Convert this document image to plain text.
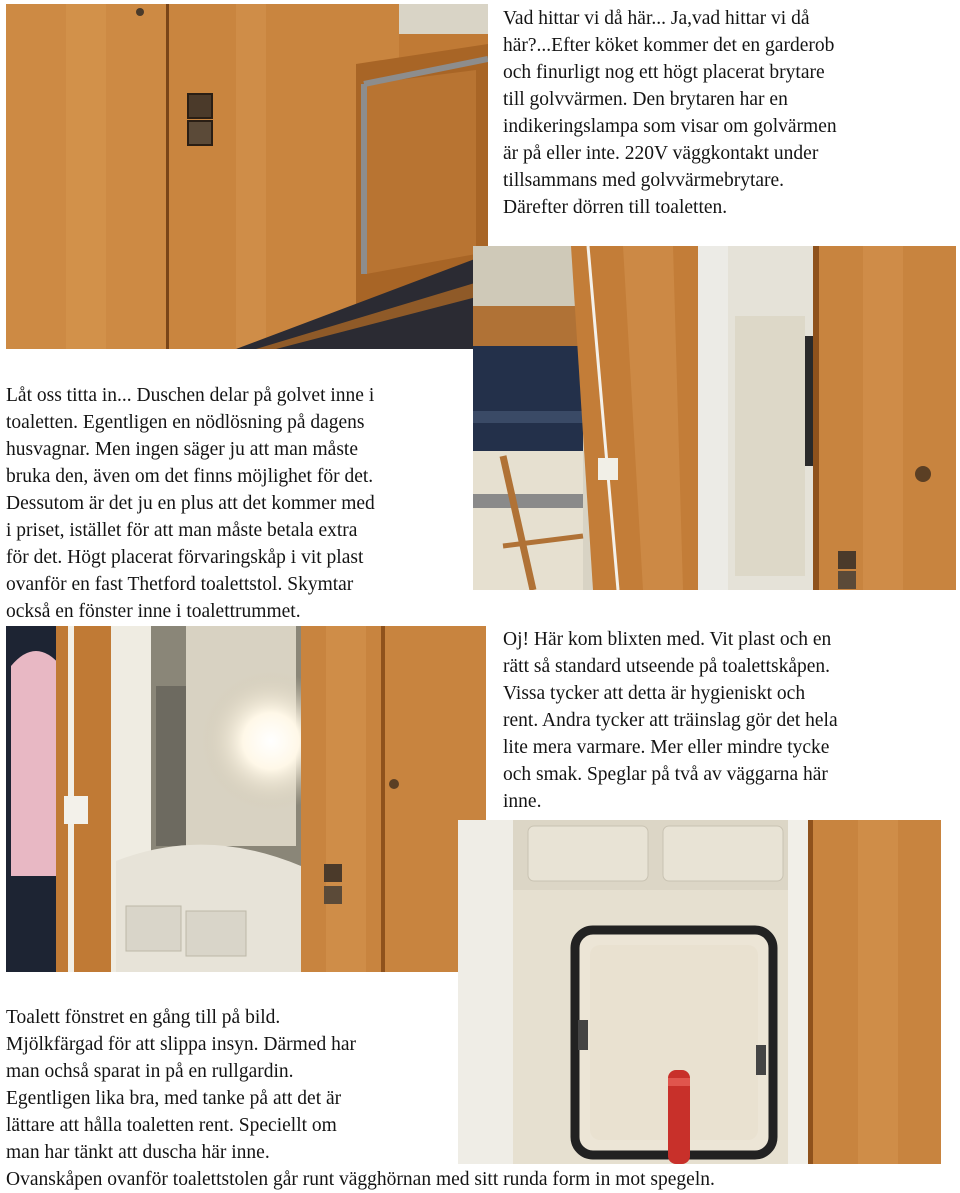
Vad hittar vi då här... Ja,vad hittar vi då
här?...Efter köket kommer det en garderob
och finurligt nog ett högt placerat brytare
till golvvärmen. Den brytaren har en
indikeringslampa som visar om golvärmen
är på eller inte. 220V väggkontakt under
tillsammans med golvvärmebrytare.
Därefter dörren till toaletten.
Låt oss titta in... Duschen delar på golvet inne i
toaletten. Egentligen en nödlösning på dagens
husvagnar. Men ingen säger ju att man måste
bruka den, även om det finns möjlighet för det.
Dessutom är det ju en plus att det kommer med
i priset, istället för att man måste betala extra
för det. Högt placerat förvaringskåp i vit plast
ovanför en fast Thetford toalettstol. Skymtar
också en fönster inne i toalettrummet.
Oj! Här kom blixten med. Vit plast och en
rätt så standard utseende på toalettskåpen.
Vissa tycker att detta är hygieniskt och
rent. Andra tycker att träinslag gör det hela
lite mera varmare. Mer eller mindre tycke
och smak. Speglar på två av väggarna här
inne.
Toalett fönstret en gång till på bild.
Mjölkfärgad för att slippa insyn. Därmed har
man ochså sparat in på en rullgardin.
Egentligen lika bra, med tanke på att det är
lättare att hålla toaletten rent. Speciellt om
man har tänkt att duscha här inne.
Ovanskåpen ovanför toalettstolen går runt vägghörnan med sitt runda form in mot spegeln.
